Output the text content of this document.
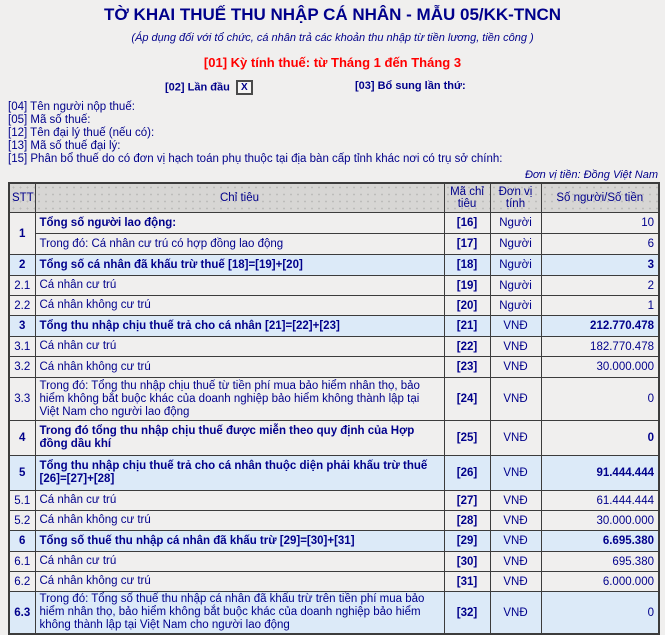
TỜ KHAI THUẾ THU NHẬP CÁ NHÂN - MẪU 05/KK-TNCN
(Áp dụng đối với tổ chức, cá nhân trả các khoản thu nhập từ tiền lương, tiền công )
[01] Kỳ tính thuế: từ Tháng 1 đến Tháng 3
[02] Lần đầu X	[03] Bổ sung lần thứ:
[04] Tên người nộp thuế:
[05] Mã số thuế:
[12] Tên đại lý thuế (nếu có):
[13] Mã số thuế đại lý:
[15] Phân bổ thuế do có đơn vị hạch toán phụ thuộc tại địa bàn cấp tỉnh khác nơi có trụ sở chính:
Đơn vị tiền: Đồng Việt Nam
STT	Chỉ tiêu	Mã chỉ tiêu	Đơn vị tính	Số người/Số tiền
1	Tổng số người lao động:	[16]	Người	10
	Trong đó: Cá nhân cư trú có hợp đồng lao động	[17]	Người	6
2	Tổng số cá nhân đã khấu trừ thuế [18]=[19]+[20]	[18]	Người	3
2.1	Cá nhân cư trú	[19]	Người	2
2.2	Cá nhân không cư trú	[20]	Người	1
3	Tổng thu nhập chịu thuế trả cho cá nhân [21]=[22]+[23]	[21]	VNĐ	212.770.478
3.1	Cá nhân cư trú	[22]	VNĐ	182.770.478
3.2	Cá nhân không cư trú	[23]	VNĐ	30.000.000
3.3	Trong đó: Tổng thu nhập chịu thuế từ tiền phí mua bảo hiểm nhân thọ, bảo hiểm không bắt buộc khác của doanh nghiệp bảo hiểm không thành lập tại Việt Nam cho người lao động	[24]	VNĐ	0
4	Trong đó tổng thu nhập chịu thuế được miễn theo quy định của Hợp đồng dầu khí	[25]	VNĐ	0
5	Tổng thu nhập chịu thuế trả cho cá nhân thuộc diện phải khấu trừ thuế [26]=[27]+[28]	[26]	VNĐ	91.444.444
5.1	Cá nhân cư trú	[27]	VNĐ	61.444.444
5.2	Cá nhân không cư trú	[28]	VNĐ	30.000.000
6	Tổng số thuế thu nhập cá nhân đã khấu trừ [29]=[30]+[31]	[29]	VNĐ	6.695.380
6.1	Cá nhân cư trú	[30]	VNĐ	695.380
6.2	Cá nhân không cư trú	[31]	VNĐ	6.000.000
6.3	Trong đó: Tổng số thuế thu nhập cá nhân đã khấu trừ trên tiền phí mua bảo hiểm nhân thọ, bảo hiểm không bắt buộc khác của doanh nghiệp bảo hiểm không thành lập tại Việt Nam cho người lao động	[32]	VNĐ	0
